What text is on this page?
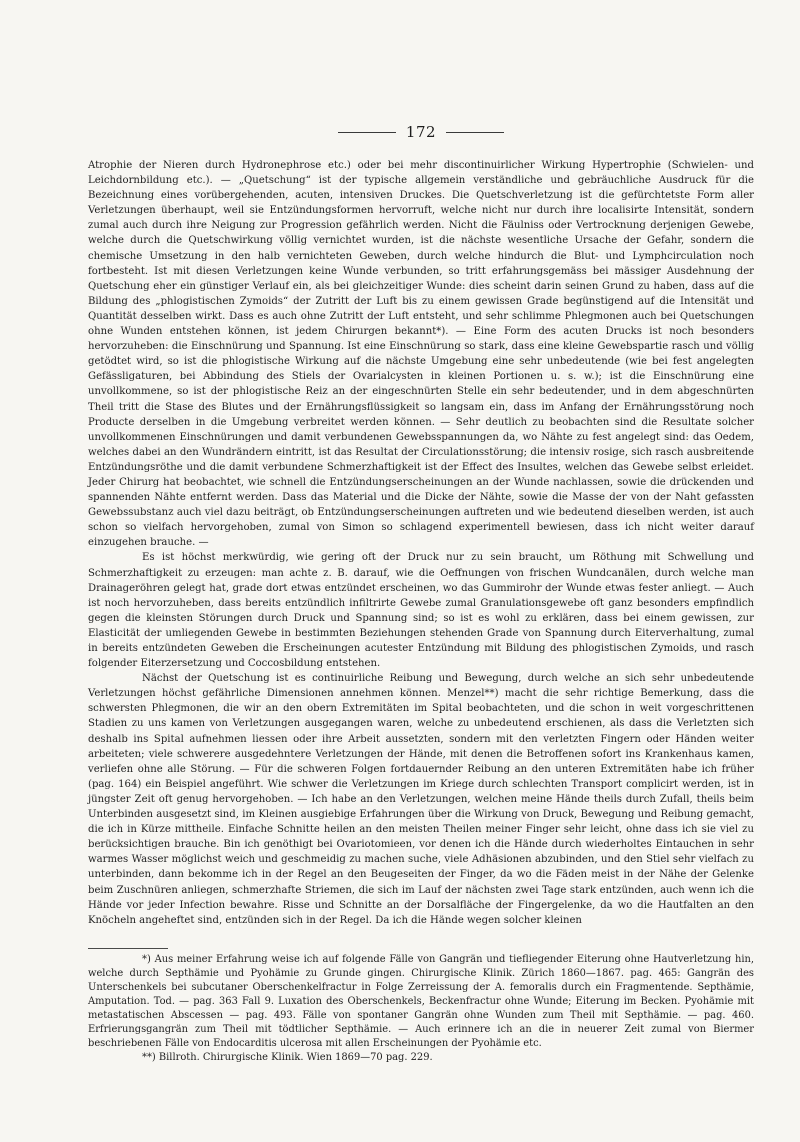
172

Atrophie der Nieren durch Hydronephrose etc.) oder bei mehr discontinuirlicher Wirkung Hypertrophie (Schwielen- und Leichdornbildung etc.). — „Quetschung“ ist der typische allgemein verständliche und gebräuchliche Ausdruck für die Bezeichnung eines vorübergehenden, acuten, intensiven Druckes. Die Quetschverletzung ist die gefürchtetste Form aller Verletzungen überhaupt, weil sie Entzündungsformen hervorruft, welche nicht nur durch ihre localisirte Intensität, sondern zumal auch durch ihre Neigung zur Progression gefährlich werden. Nicht die Fäulniss oder Vertrocknung derjenigen Gewebe, welche durch die Quetschwirkung völlig vernichtet wurden, ist die nächste wesentliche Ursache der Gefahr, sondern die chemische Umsetzung in den halb vernichteten Geweben, durch welche hindurch die Blut- und Lymphcirculation noch fortbesteht. Ist mit diesen Verletzungen keine Wunde verbunden, so tritt erfahrungsgemäss bei mässiger Ausdehnung der Quetschung eher ein günstiger Verlauf ein, als bei gleichzeitiger Wunde: dies scheint darin seinen Grund zu haben, dass auf die Bildung des „phlogistischen Zymoids“ der Zutritt der Luft bis zu einem gewissen Grade begünstigend auf die Intensität und Quantität desselben wirkt. Dass es auch ohne Zutritt der Luft entsteht, und sehr schlimme Phlegmonen auch bei Quetschungen ohne Wunden entstehen können, ist jedem Chirurgen bekannt*). — Eine Form des acuten Drucks ist noch besonders hervorzuheben: die Einschnürung und Spannung. Ist eine Einschnürung so stark, dass eine kleine Gewebspartie rasch und völlig getödtet wird, so ist die phlogistische Wirkung auf die nächste Umgebung eine sehr unbedeutende (wie bei fest angelegten Gefässligaturen, bei Abbindung des Stiels der Ovarialcysten in kleinen Portionen u. s. w.); ist die Einschnürung eine unvollkommene, so ist der phlogistische Reiz an der eingeschnürten Stelle ein sehr bedeutender, und in dem abgeschnürten Theil tritt die Stase des Blutes und der Ernährungsflüssigkeit so langsam ein, dass im Anfang der Ernährungsstörung noch Producte derselben in die Umgebung verbreitet werden können. — Sehr deutlich zu beobachten sind die Resultate solcher unvollkommenen Einschnürungen und damit verbundenen Gewebsspannungen da, wo Nähte zu fest angelegt sind: das Oedem, welches dabei an den Wundrändern eintritt, ist das Resultat der Circulationsstörung; die intensiv rosige, sich rasch ausbreitende Entzündungsröthe und die damit verbundene Schmerzhaftigkeit ist der Effect des Insultes, welchen das Gewebe selbst erleidet. Jeder Chirurg hat beobachtet, wie schnell die Entzündungserscheinungen an der Wunde nachlassen, sowie die drückenden und spannenden Nähte entfernt werden. Dass das Material und die Dicke der Nähte, sowie die Masse der von der Naht gefassten Gewebssubstanz auch viel dazu beiträgt, ob Entzündungserscheinungen auftreten und wie bedeutend dieselben werden, ist auch schon so vielfach hervorgehoben, zumal von Simon so schlagend experimentell bewiesen, dass ich nicht weiter darauf einzugehen brauche. —

Es ist höchst merkwürdig, wie gering oft der Druck nur zu sein braucht, um Röthung mit Schwellung und Schmerzhaftigkeit zu erzeugen: man achte z. B. darauf, wie die Oeffnungen von frischen Wundcanälen, durch welche man Drainageröhren gelegt hat, grade dort etwas entzündet erscheinen, wo das Gummirohr der Wunde etwas fester anliegt. — Auch ist noch hervorzuheben, dass bereits entzündlich infiltrirte Gewebe zumal Granulationsgewebe oft ganz besonders empfindlich gegen die kleinsten Störungen durch Druck und Spannung sind; so ist es wohl zu erklären, dass bei einem gewissen, zur Elasticität der umliegenden Gewebe in bestimmten Beziehungen stehenden Grade von Spannung durch Eiterverhaltung, zumal in bereits entzündeten Geweben die Erscheinungen acutester Entzündung mit Bildung des phlogistischen Zymoids, und rasch folgender Eiterzersetzung und Coccosbildung entstehen.

Nächst der Quetschung ist es continuirliche Reibung und Bewegung, durch welche an sich sehr unbedeutende Verletzungen höchst gefährliche Dimensionen annehmen können. Menzel**) macht die sehr richtige Bemerkung, dass die schwersten Phlegmonen, die wir an den obern Extremitäten im Spital beobachteten, und die schon in weit vorgeschrittenen Stadien zu uns kamen von Verletzungen ausgegangen waren, welche zu unbedeutend erschienen, als dass die Verletzten sich deshalb ins Spital aufnehmen liessen oder ihre Arbeit aussetzten, sondern mit den verletzten Fingern oder Händen weiter arbeiteten; viele schwerere ausgedehntere Verletzungen der Hände, mit denen die Betroffenen sofort ins Krankenhaus kamen, verliefen ohne alle Störung. — Für die schweren Folgen fortdauernder Reibung an den unteren Extremitäten habe ich früher (pag. 164) ein Beispiel angeführt. Wie schwer die Verletzungen im Kriege durch schlechten Transport complicirt werden, ist in jüngster Zeit oft genug hervorgehoben. — Ich habe an den Verletzungen, welchen meine Hände theils durch Zufall, theils beim Unterbinden ausgesetzt sind, im Kleinen ausgiebige Erfahrungen über die Wirkung von Druck, Bewegung und Reibung gemacht, die ich in Kürze mittheile. Einfache Schnitte heilen an den meisten Theilen meiner Finger sehr leicht, ohne dass ich sie viel zu berücksichtigen brauche. Bin ich genöthigt bei Ovariotomieen, vor denen ich die Hände durch wiederholtes Eintauchen in sehr warmes Wasser möglichst weich und geschmeidig zu machen suche, viele Adhäsionen abzubinden, und den Stiel sehr vielfach zu unterbinden, dann bekomme ich in der Regel an den Beugeseiten der Finger, da wo die Fäden meist in der Nähe der Gelenke beim Zuschnüren anliegen, schmerzhafte Striemen, die sich im Lauf der nächsten zwei Tage stark entzünden, auch wenn ich die Hände vor jeder Infection bewahre. Risse und Schnitte an der Dorsalfläche der Fingergelenke, da wo die Hautfalten an den Knöcheln angeheftet sind, entzünden sich in der Regel. Da ich die Hände wegen solcher kleinen

*) Aus meiner Erfahrung weise ich auf folgende Fälle von Gangrän und tiefliegender Eiterung ohne Hautverletzung hin, welche durch Septhämie und Pyohämie zu Grunde gingen. Chirurgische Klinik. Zürich 1860—1867. pag. 465: Gangrän des Unterschenkels bei subcutaner Oberschenkelfractur in Folge Zerreissung der A. femoralis durch ein Fragmentende. Septhämie, Amputation. Tod. — pag. 363 Fall 9. Luxation des Oberschenkels, Beckenfractur ohne Wunde; Eiterung im Becken. Pyohämie mit metastatischen Abscessen — pag. 493. Fälle von spontaner Gangrän ohne Wunden zum Theil mit Septhämie. — pag. 460. Erfrierungsgangrän zum Theil mit tödtlicher Septhämie. — Auch erinnere ich an die in neuerer Zeit zumal von Biermer beschriebenen Fälle von Endocarditis ulcerosa mit allen Erscheinungen der Pyohämie etc.

**) Billroth. Chirurgische Klinik. Wien 1869—70 pag. 229.
